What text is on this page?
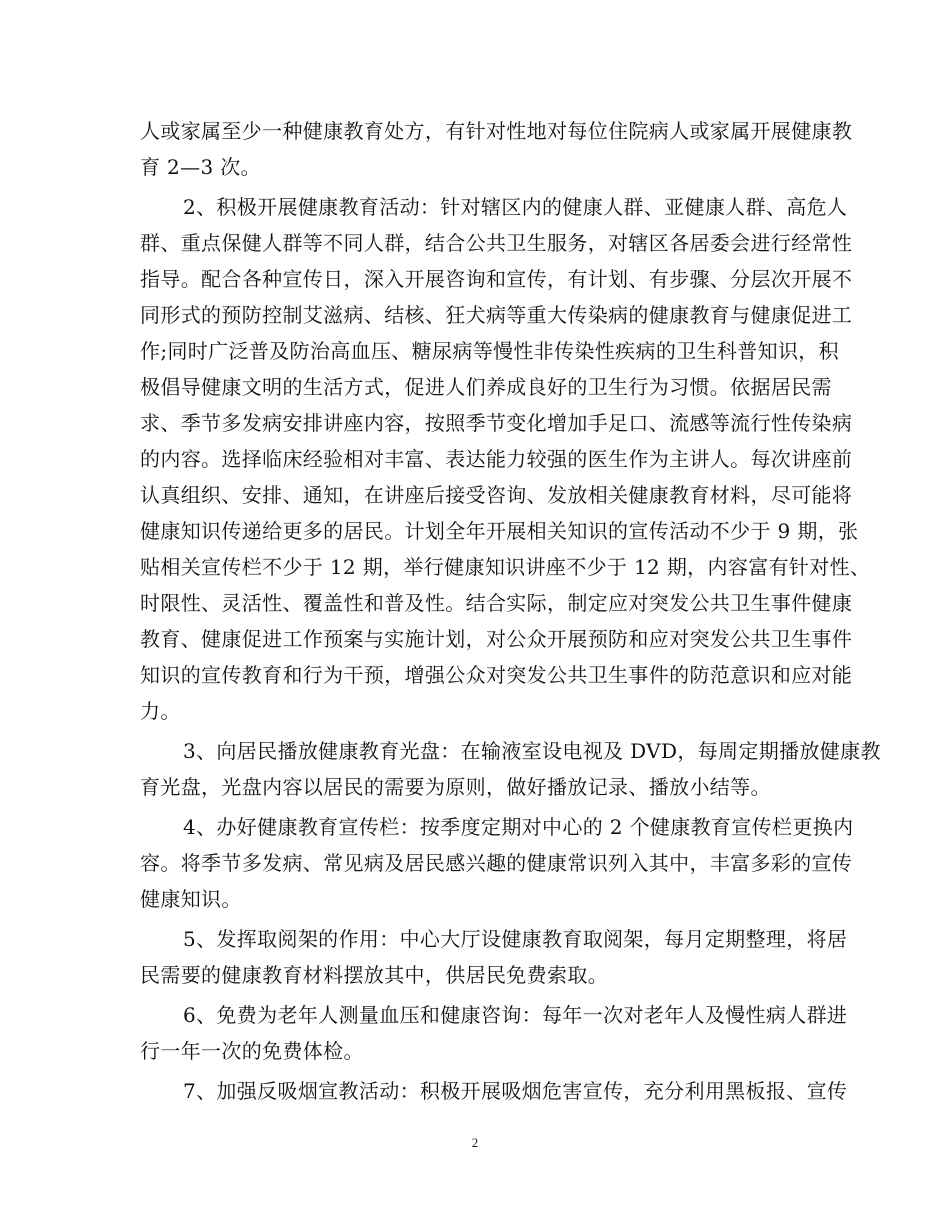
人或家属至少一种健康教育处方，有针对性地对每位住院病人或家属开展健康教
育 2—3 次。
2、积极开展健康教育活动：针对辖区内的健康人群、亚健康人群、高危人
群、重点保健人群等不同人群，结合公共卫生服务，对辖区各居委会进行经常性
指导。配合各种宣传日，深入开展咨询和宣传，有计划、有步骤、分层次开展不
同形式的预防控制艾滋病、结核、狂犬病等重大传染病的健康教育与健康促进工
作;同时广泛普及防治高血压、糖尿病等慢性非传染性疾病的卫生科普知识，积
极倡导健康文明的生活方式，促进人们养成良好的卫生行为习惯。依据居民需
求、季节多发病安排讲座内容，按照季节变化增加手足口、流感等流行性传染病
的内容。选择临床经验相对丰富、表达能力较强的医生作为主讲人。每次讲座前
认真组织、安排、通知，在讲座后接受咨询、发放相关健康教育材料，尽可能将
健康知识传递给更多的居民。计划全年开展相关知识的宣传活动不少于 9 期，张
贴相关宣传栏不少于 12 期，举行健康知识讲座不少于 12 期，内容富有针对性、
时限性、灵活性、覆盖性和普及性。结合实际，制定应对突发公共卫生事件健康
教育、健康促进工作预案与实施计划，对公众开展预防和应对突发公共卫生事件
知识的宣传教育和行为干预，增强公众对突发公共卫生事件的防范意识和应对能
力。
3、向居民播放健康教育光盘：在输液室设电视及 DVD，每周定期播放健康教
育光盘，光盘内容以居民的需要为原则，做好播放记录、播放小结等。
4、办好健康教育宣传栏：按季度定期对中心的 2 个健康教育宣传栏更换内
容。将季节多发病、常见病及居民感兴趣的健康常识列入其中，丰富多彩的宣传
健康知识。
5、发挥取阅架的作用：中心大厅设健康教育取阅架，每月定期整理，将居
民需要的健康教育材料摆放其中，供居民免费索取。
6、免费为老年人测量血压和健康咨询：每年一次对老年人及慢性病人群进
行一年一次的免费体检。
7、加强反吸烟宣教活动：积极开展吸烟危害宣传，充分利用黑板报、宣传
2
